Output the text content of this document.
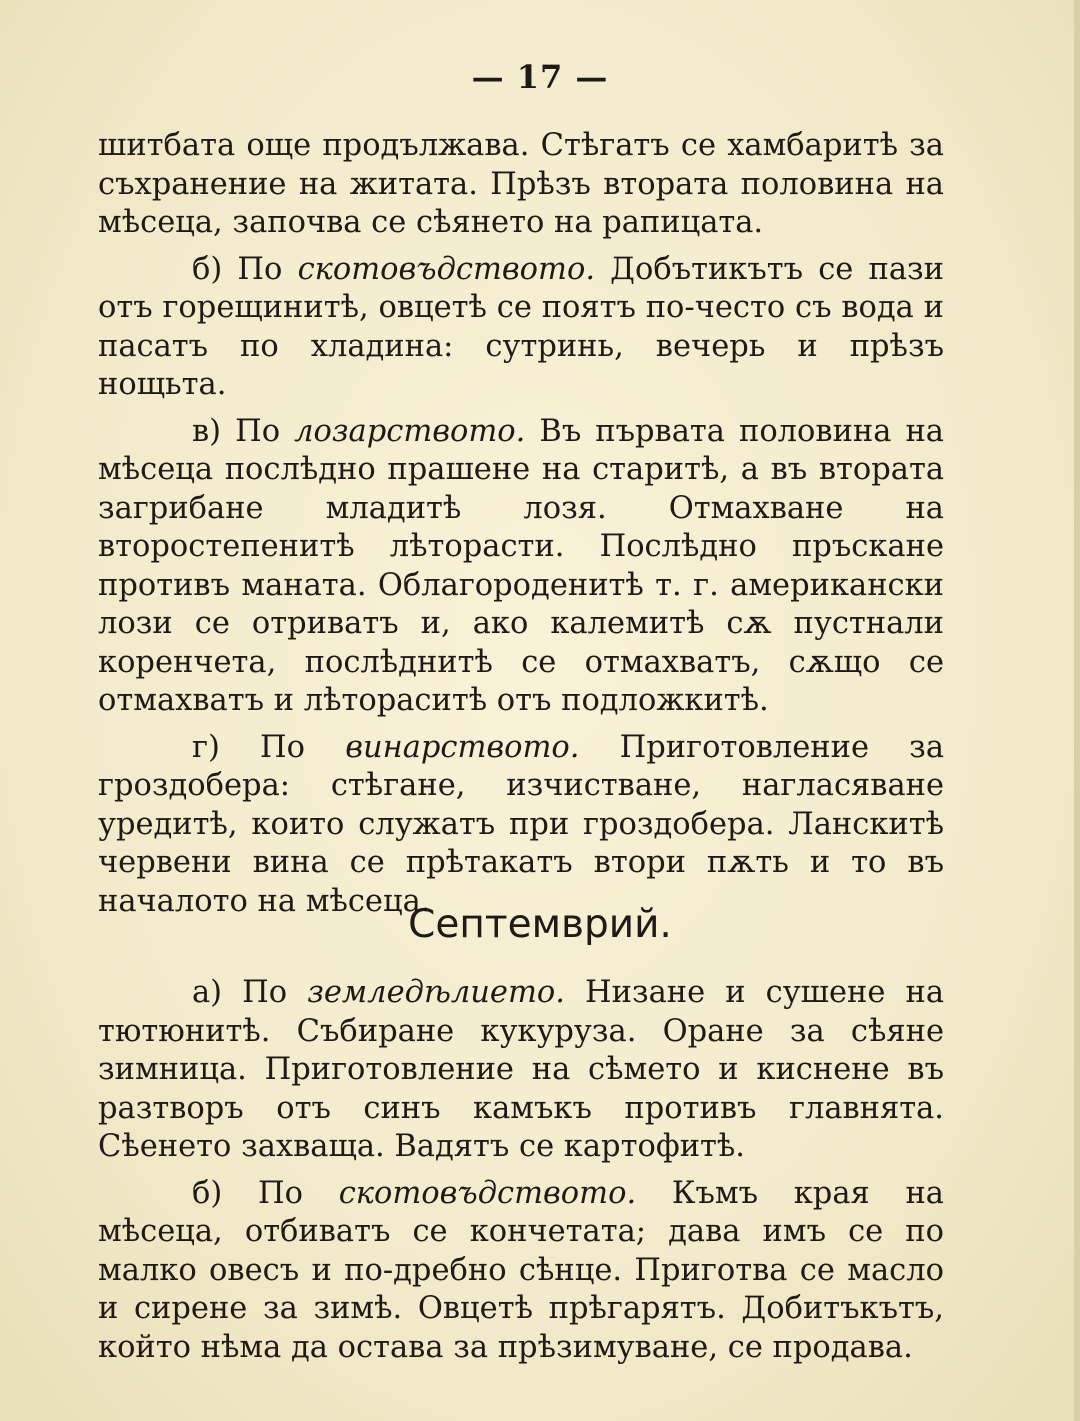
— 17 —

шитбата още продължава. Стѣгатъ се хамбаритѣ за съхранение на житата. Прѣзъ втората половина на мѣсеца, започва се сѣянето на рапицата.

б) По скотовъдството. Добътикътъ се пази отъ горещинитѣ, овцетѣ се поятъ по-често съ вода и пасатъ по хладина: сутринь, вечерь и прѣзъ нощьта.

в) По лозарството. Въ първата половина на мѣсеца послѣдно прашене на старитѣ, а въ втората загрибане младитѣ лозя. Отмахване на второстепенитѣ лѣторасти. Послѣдно пръскане противъ маната. Облагороденитѣ т. г. американски лози се отриватъ и, ако калемитѣ сѫ пустнали коренчета, послѣднитѣ се отмахватъ, сѫщо се отмахватъ и лѣтораситѣ отъ подложкитѣ.

г) По винарството. Приготовление за гроздобера: стѣгане, изчистване, нагласяване уредитѣ, които служатъ при гроздобера. Ланскитѣ червени вина се прѣтакатъ втори пѫть и то въ началото на мѣсеца.

Септемврий.

а) По земледѣлието. Низане и сушене на тютюнитѣ. Събиране кукуруза. Оране за сѣяне зимница. Приготовление на сѣмето и киснене въ разтворъ отъ синъ камъкъ противъ главнята. Сѣенето захваща. Вадятъ се картофитѣ.

б) По скотовъдството. Къмъ края на мѣсеца, отбиватъ се кончетата; дава имъ се по малко овесъ и по-дребно сѣнце. Приготва се масло и сирене за зимѣ. Овцетѣ прѣгарятъ. Добитъкътъ, който нѣма да остава за прѣзимуване, се продава.
